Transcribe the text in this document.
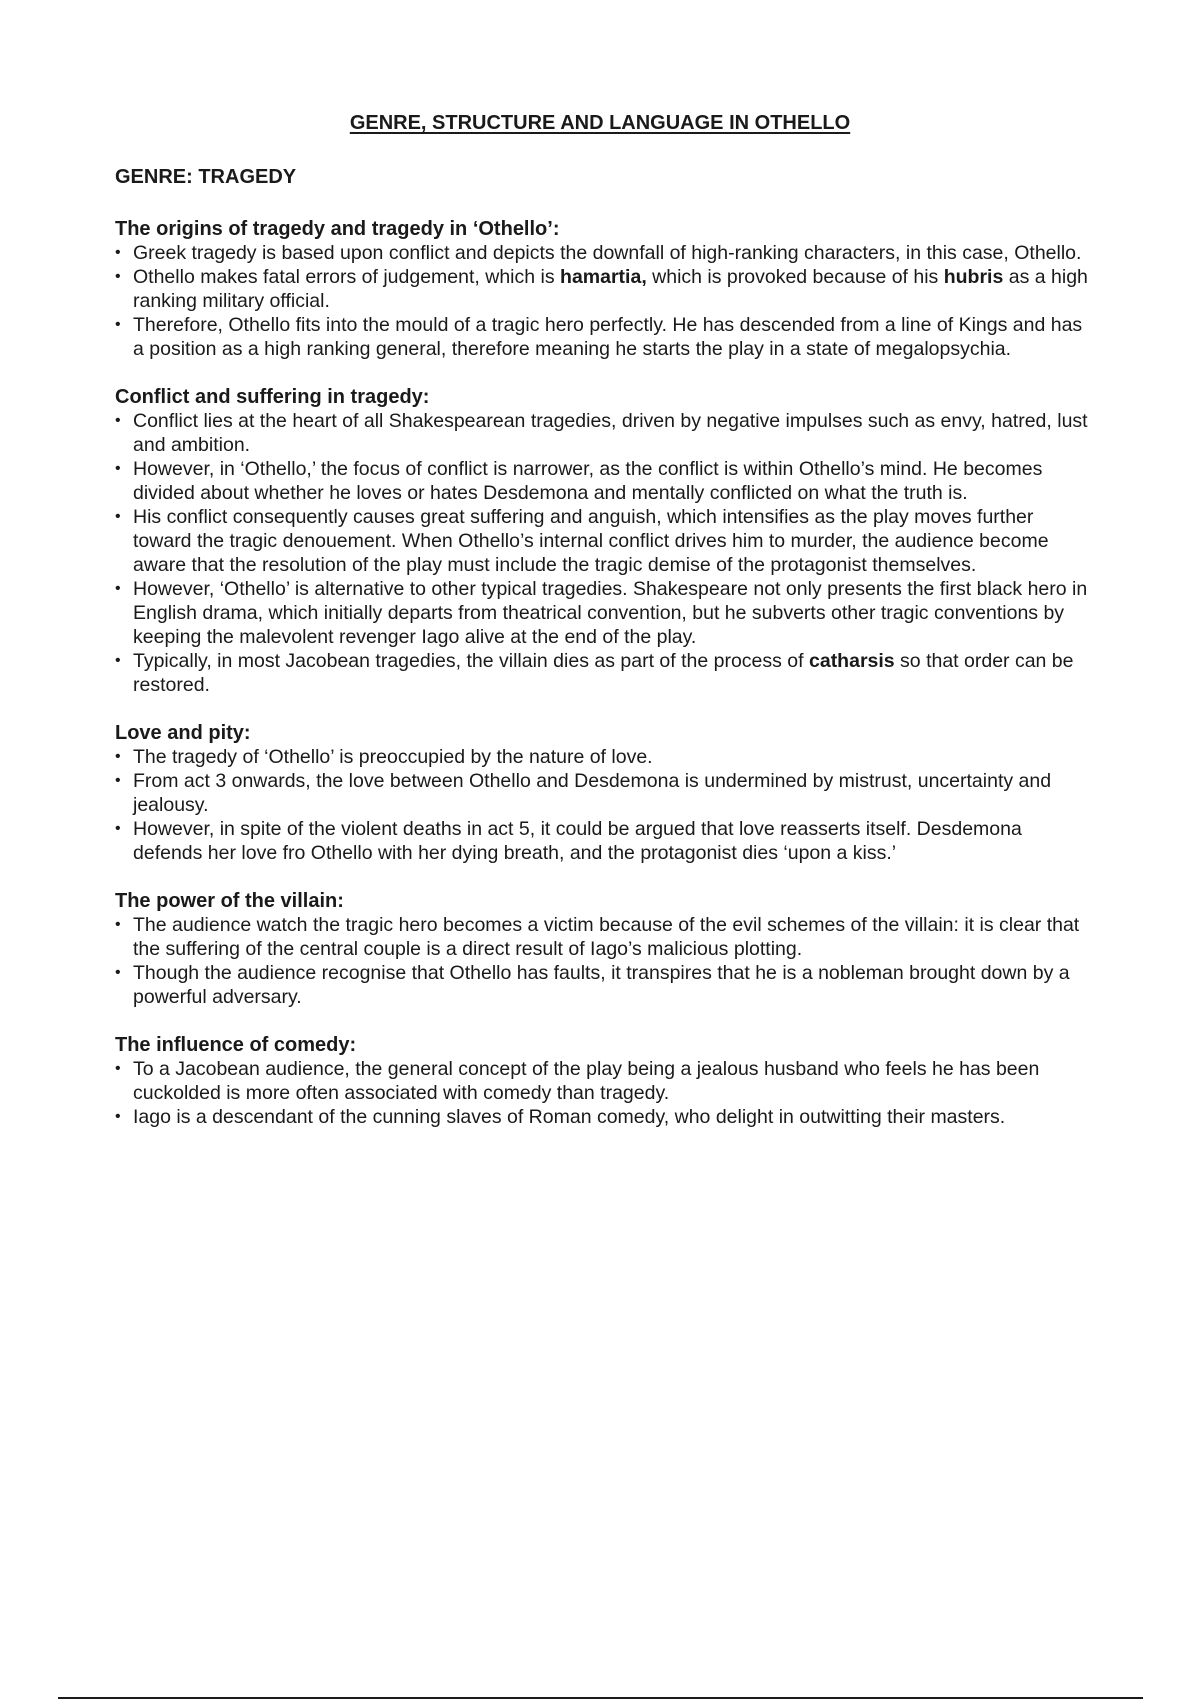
GENRE, STRUCTURE AND LANGUAGE IN OTHELLO

GENRE: TRAGEDY

The origins of tragedy and tragedy in ‘Othello’:

• Greek tragedy is based upon conflict and depicts the downfall of high-ranking characters, in this case, Othello.
• Othello makes fatal errors of judgement, which is hamartia, which is provoked because of his hubris as a high ranking military official.
• Therefore, Othello fits into the mould of a tragic hero perfectly. He has descended from a line of Kings and has a position as a high ranking general, therefore meaning he starts the play in a state of megalopsychia.

Conflict and suffering in tragedy:

• Conflict lies at the heart of all Shakespearean tragedies, driven by negative impulses such as envy, hatred, lust and ambition.
• However, in ‘Othello,’ the focus of conflict is narrower, as the conflict is within Othello’s mind. He becomes divided about whether he loves or hates Desdemona and mentally conflicted on what the truth is.
• His conflict consequently causes great suffering and anguish, which intensifies as the play moves further toward the tragic denouement. When Othello’s internal conflict drives him to murder, the audience become aware that the resolution of the play must include the tragic demise of the protagonist themselves.
• However, ‘Othello’ is alternative to other typical tragedies. Shakespeare not only presents the first black hero in English drama, which initially departs from theatrical convention, but he subverts other tragic conventions by keeping the malevolent revenger Iago alive at the end of the play.
• Typically, in most Jacobean tragedies, the villain dies as part of the process of catharsis so that order can be restored.

Love and pity:

• The tragedy of ‘Othello’ is preoccupied by the nature of love.
• From act 3 onwards, the love between Othello and Desdemona is undermined by mistrust, uncertainty and jealousy.
• However, in spite of the violent deaths in act 5, it could be argued that love reasserts itself. Desdemona defends her love fro Othello with her dying breath, and the protagonist dies ‘upon a kiss.’

The power of the villain:

• The audience watch the tragic hero becomes a victim because of the evil schemes of the villain: it is clear that the suffering of the central couple is a direct result of Iago’s malicious plotting.
• Though the audience recognise that Othello has faults, it transpires that he is a nobleman brought down by a powerful adversary.

The influence of comedy:

• To a Jacobean audience, the general concept of the play being a jealous husband who feels he has been cuckolded is more often associated with comedy than tragedy.
• Iago is a descendant of the cunning slaves of Roman comedy, who delight in outwitting their masters.
